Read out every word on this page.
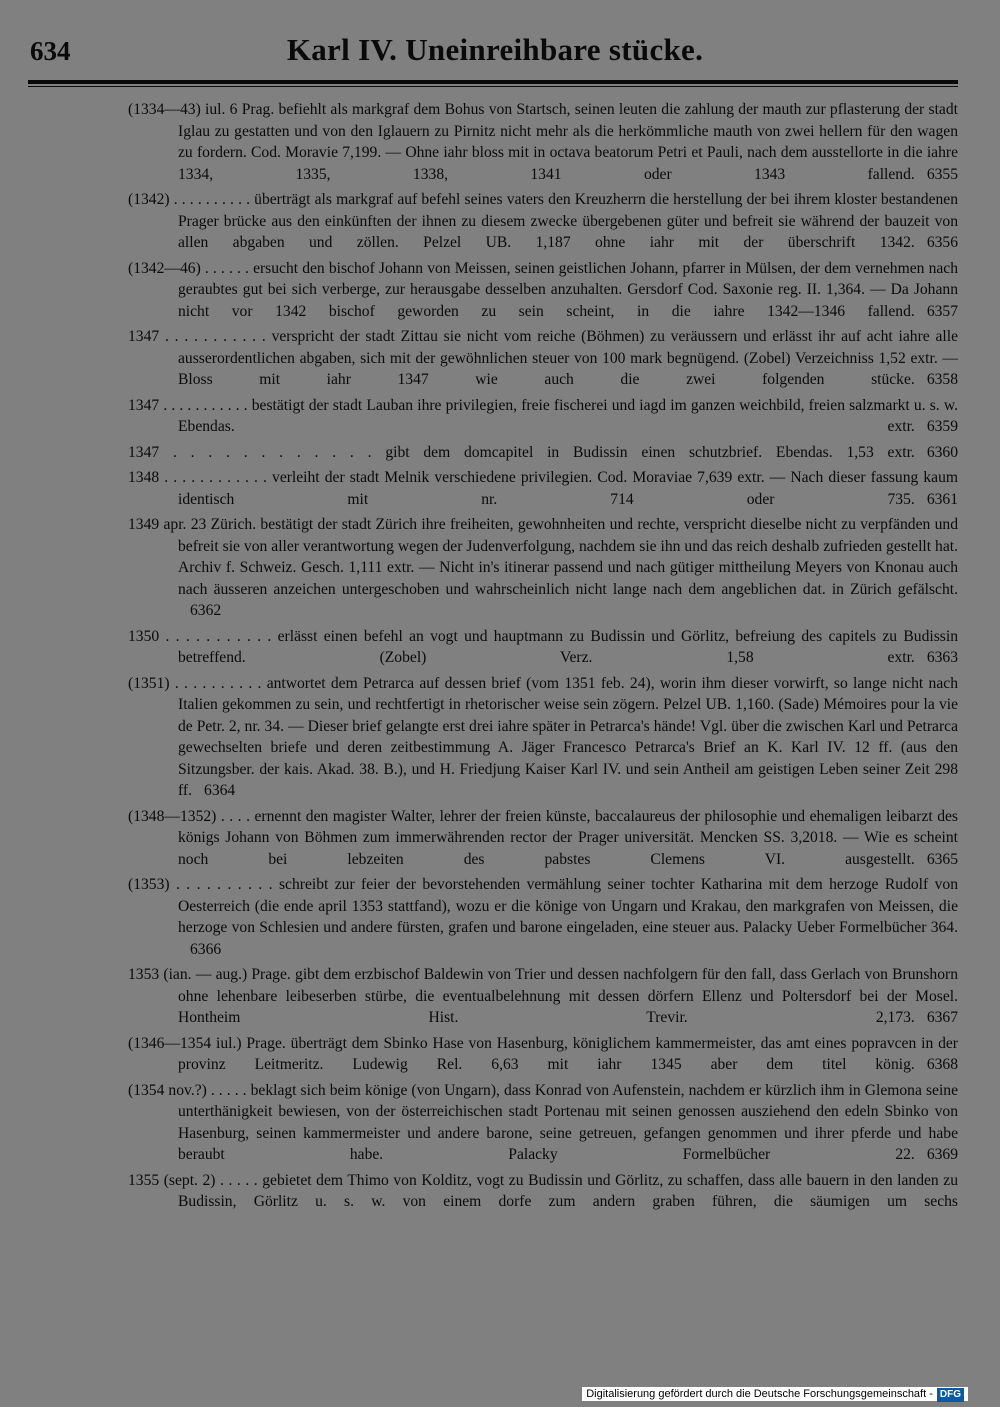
634	Karl IV. Uneinreihbare stücke.
(1334—43) iul. 6 Prag. befiehlt als markgraf dem Bohus von Startsch, seinen leuten die zahlung der mauth zur pflasterung der stadt Iglau zu gestatten und von den Iglauern zu Pirnitz nicht mehr als die herkömmliche mauth von zwei hellern für den wagen zu fordern. Cod. Moravie 7,199. — Ohne iahr bloss mit in octava beatorum Petri et Pauli, nach dem ausstellorte in die iahre 1334, 1335, 1338, 1341 oder 1343 fallend. 6355
(1342) . . . . . . . . . . überträgt als markgraf auf befehl seines vaters den Kreuzherrn die herstellung der bei ihrem kloster bestandenen Prager brücke aus den einkünften der ihnen zu diesem zwecke übergebenen güter und befreit sie während der bauzeit von allen abgaben und zöllen. Pelzel UB. 1,187 ohne iahr mit der überschrift 1342. 6356
(1342—46) . . . . . . ersucht den bischof Johann von Meissen, seinen geistlichen Johann, pfarrer in Mülsen, der dem vernehmen nach geraubtes gut bei sich verberge, zur herausgabe desselben anzuhalten. Gersdorf Cod. Saxonie reg. II. 1,364. — Da Johann nicht vor 1342 bischof geworden zu sein scheint, in die iahre 1342—1346 fallend. 6357
1347 . . . . . . . . . . . verspricht der stadt Zittau sie nicht vom reiche (Böhmen) zu veräussern und erlässt ihr auf acht iahre alle ausserordentlichen abgaben, sich mit der gewöhnlichen steuer von 100 mark begnügend. (Zobel) Verzeichniss 1,52 extr. — Bloss mit iahr 1347 wie auch die zwei folgenden stücke. 6358
1347 . . . . . . . . . . . bestätigt der stadt Lauban ihre privilegien, freie fischerei und iagd im ganzen weichbild, freien salzmarkt u. s. w. Ebendas. extr. 6359
1347 . . . . . . . . . . . . gibt dem domcapitel in Budissin einen schutzbrief. Ebendas. 1,53 extr. 6360
1348 . . . . . . . . . . . . verleiht der stadt Melnik verschiedene privilegien. Cod. Moraviae 7,639 extr. — Nach dieser fassung kaum identisch mit nr. 714 oder 735. 6361
1349 apr. 23 Zürich. bestätigt der stadt Zürich ihre freiheiten, gewohnheiten und rechte, verspricht dieselbe nicht zu verpfänden und befreit sie von aller verantwortung wegen der Judenverfolgung, nachdem sie ihn und das reich deshalb zufrieden gestellt hat. Archiv f. Schweiz. Gesch. 1,111 extr. — Nicht in's itinerar passend und nach gütiger mittheilung Meyers von Knonau auch nach äusseren anzeichen untergeschoben und wahrscheinlich nicht lange nach dem angeblichen dat. in Zürich gefälscht.6362
1350 . . . . . . . . . . . erlässt einen befehl an vogt und hauptmann zu Budissin und Görlitz, befreiung des capitels zu Budissin betreffend. (Zobel) Verz. 1,58 extr. 6363
(1351) . . . . . . . . . . antwortet dem Petrarca auf dessen brief (vom 1351 feb. 24), worin ihm dieser vorwirft, so lange nicht nach Italien gekommen zu sein, und rechtfertigt in rhetorischer weise sein zögern. Pelzel UB. 1,160. (Sade) Mémoires pour la vie de Petr. 2, nr. 34. — Dieser brief gelangte erst drei iahre später in Petrarca's hände! Vgl. über die zwischen Karl und Petrarca gewechselten briefe und deren zeitbestimmung A. Jäger Francesco Petrarca's Brief an K. Karl IV. 12 ff. (aus den Sitzungsber. der kais. Akad. 38. B.), und H. Friedjung Kaiser Karl IV. und sein Antheil am geistigen Leben seiner Zeit 298 ff. 6364
(1348—1352) . . . . ernennt den magister Walter, lehrer der freien künste, baccalaureus der philosophie und ehemaligen leibarzt des königs Johann von Böhmen zum immerwährenden rector der Prager universität. Mencken SS. 3,2018. — Wie es scheint noch bei lebzeiten des pabstes Clemens VI. ausgestellt. 6365
(1353) . . . . . . . . . . schreibt zur feier der bevorstehenden vermählung seiner tochter Katharina mit dem herzoge Rudolf von Oesterreich (die ende april 1353 stattfand), wozu er die könige von Ungarn und Krakau, den markgrafen von Meissen, die herzoge von Schlesien und andere fürsten, grafen und barone eingeladen, eine steuer aus. Palacky Ueber Formelbücher 364.6366
1353 (ian. — aug.) Prage. gibt dem erzbischof Baldewin von Trier und dessen nachfolgern für den fall, dass Gerlach von Brunshorn ohne lehenbare leibeserben stürbe, die eventualbelehnung mit dessen dörfern Ellenz und Poltersdorf bei der Mosel. Hontheim Hist. Trevir. 2,173. 6367
(1346—1354 iul.) Prage. überträgt dem Sbinko Hase von Hasenburg, königlichem kammermeister, das amt eines popravcen in der provinz Leitmeritz. Ludewig Rel. 6,63 mit iahr 1345 aber dem titel könig. 6368
(1354 nov.?) . . . . . beklagt sich beim könige (von Ungarn), dass Konrad von Aufenstein, nachdem er kürzlich ihm in Glemona seine unterthänigkeit bewiesen, von der österreichischen stadt Portenau mit seinen genossen ausziehend den edeln Sbinko von Hasenburg, seinen kammermeister und andere barone, seine getreuen, gefangen genommen und ihrer pferde und habe beraubt habe. Palacky Formelbücher 22. 6369
1355 (sept. 2) . . . . . gebietet dem Thimo von Kolditz, vogt zu Budissin und Görlitz, zu schaffen, dass alle bauern in den landen zu Budissin, Görlitz u. s. w. von einem dorfe zum andern graben führen, die säumigen um sechs
Digitalisierung gefördert durch die Deutsche Forschungsgemeinschaft - DFG
